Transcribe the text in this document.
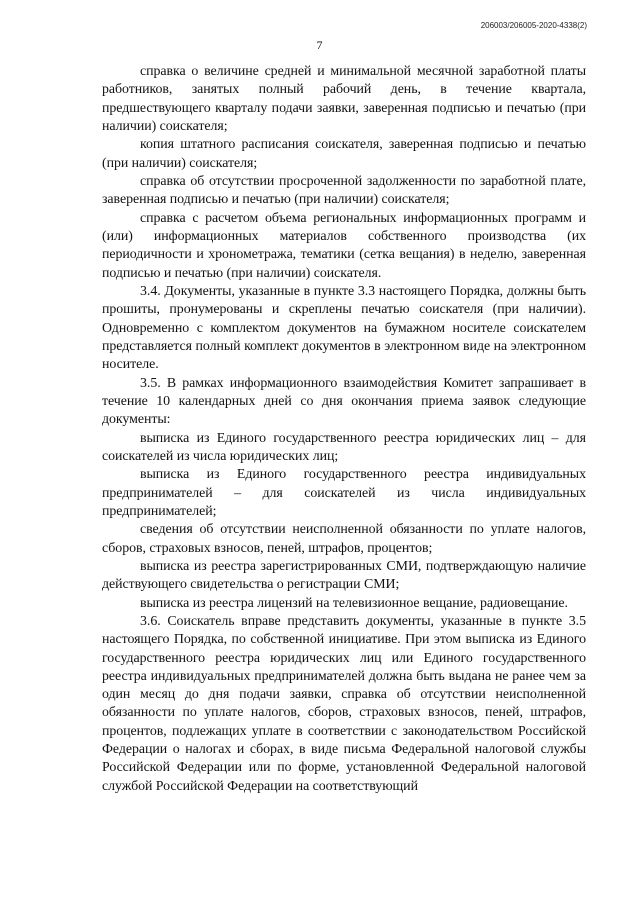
206003/206005-2020-4338(2)
7

справка о величине средней и минимальной месячной заработной платы работников, занятых полный рабочий день, в течение квартала, предшествующего кварталу подачи заявки, заверенная подписью и печатью (при наличии) соискателя;

копия штатного расписания соискателя, заверенная подписью и печатью (при наличии) соискателя;

справка об отсутствии просроченной задолженности по заработной плате, заверенная подписью и печатью (при наличии) соискателя;

справка с расчетом объема региональных информационных программ и (или) информационных материалов собственного производства (их периодичности и хронометража, тематики (сетка вещания) в неделю, заверенная подписью и печатью (при наличии) соискателя.

3.4. Документы, указанные в пункте 3.3 настоящего Порядка, должны быть прошиты, пронумерованы и скреплены печатью соискателя (при наличии). Одновременно с комплектом документов на бумажном носителе соискателем представляется полный комплект документов в электронном виде на электронном носителе.

3.5. В рамках информационного взаимодействия Комитет запрашивает в течение 10 календарных дней со дня окончания приема заявок следующие документы:

выписка из Единого государственного реестра юридических лиц – для соискателей из числа юридических лиц;

выписка из Единого государственного реестра индивидуальных предпринимателей – для соискателей из числа индивидуальных предпринимателей;

сведения об отсутствии неисполненной обязанности по уплате налогов, сборов, страховых взносов, пеней, штрафов, процентов;

выписка из реестра зарегистрированных СМИ, подтверждающую наличие действующего свидетельства о регистрации СМИ;

выписка из реестра лицензий на телевизионное вещание, радиовещание.

3.6. Соискатель вправе представить документы, указанные в пункте 3.5 настоящего Порядка, по собственной инициативе. При этом выписка из Единого государственного реестра юридических лиц или Единого государственного реестра индивидуальных предпринимателей должна быть выдана не ранее чем за один месяц до дня подачи заявки, справка об отсутствии неисполненной обязанности по уплате налогов, сборов, страховых взносов, пеней, штрафов, процентов, подлежащих уплате в соответствии с законодательством Российской Федерации о налогах и сборах, в виде письма Федеральной налоговой службы Российской Федерации или по форме, установленной Федеральной налоговой службой Российской Федерации на соответствующий
